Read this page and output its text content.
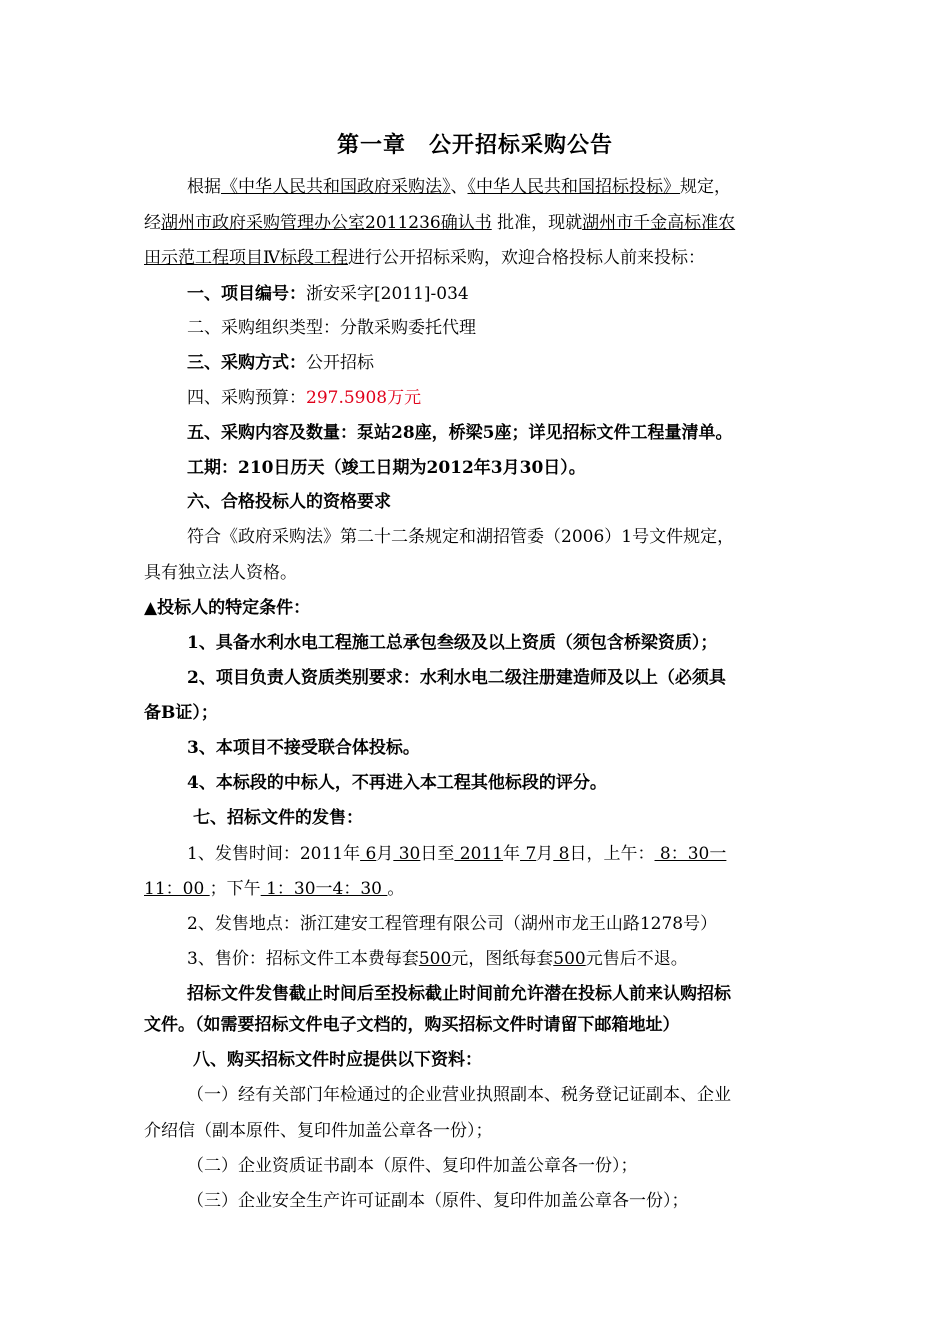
第一章　公开招标采购公告
根据《中华人民共和国政府采购法》、《中华人民共和国招标投标》规定，
经湖州市政府采购管理办公室2011236确认书 批准，现就湖州市千金高标准农
田示范工程项目Ⅳ标段工程进行公开招标采购，欢迎合格投标人前来投标：
一、项目编号：浙安采字[2011]-034
二、采购组织类型：分散采购委托代理
三、采购方式：公开招标
四、采购预算：297.5908万元
五、采购内容及数量：泵站28座，桥梁5座；详见招标文件工程量清单。
工期：210日历天（竣工日期为2012年3月30日）。
六、合格投标人的资格要求
符合《政府采购法》第二十二条规定和湖招管委（2006）1号文件规定，
具有独立法人资格。
▲投标人的特定条件：
1、具备水利水电工程施工总承包叁级及以上资质（须包含桥梁资质）；
2、项目负责人资质类别要求：水利水电二级注册建造师及以上（必须具
备B证）；
3、本项目不接受联合体投标。
4、本标段的中标人，不再进入本工程其他标段的评分。
七、招标文件的发售：
1、发售时间：2011年 6月 30日至 2011年 7月 8日，上午： 8：30一
11：00 ；下午 1：30一4：30 。
2、发售地点：浙江建安工程管理有限公司（湖州市龙王山路1278号）
3、售价：招标文件工本费每套500元，图纸每套500元售后不退。
招标文件发售截止时间后至投标截止时间前允许潜在投标人前来认购招标
文件。（如需要招标文件电子文档的，购买招标文件时请留下邮箱地址）
八、购买招标文件时应提供以下资料：
（一）经有关部门年检通过的企业营业执照副本、税务登记证副本、企业
介绍信（副本原件、复印件加盖公章各一份）；
（二）企业资质证书副本（原件、复印件加盖公章各一份）；
（三）企业安全生产许可证副本（原件、复印件加盖公章各一份）；
